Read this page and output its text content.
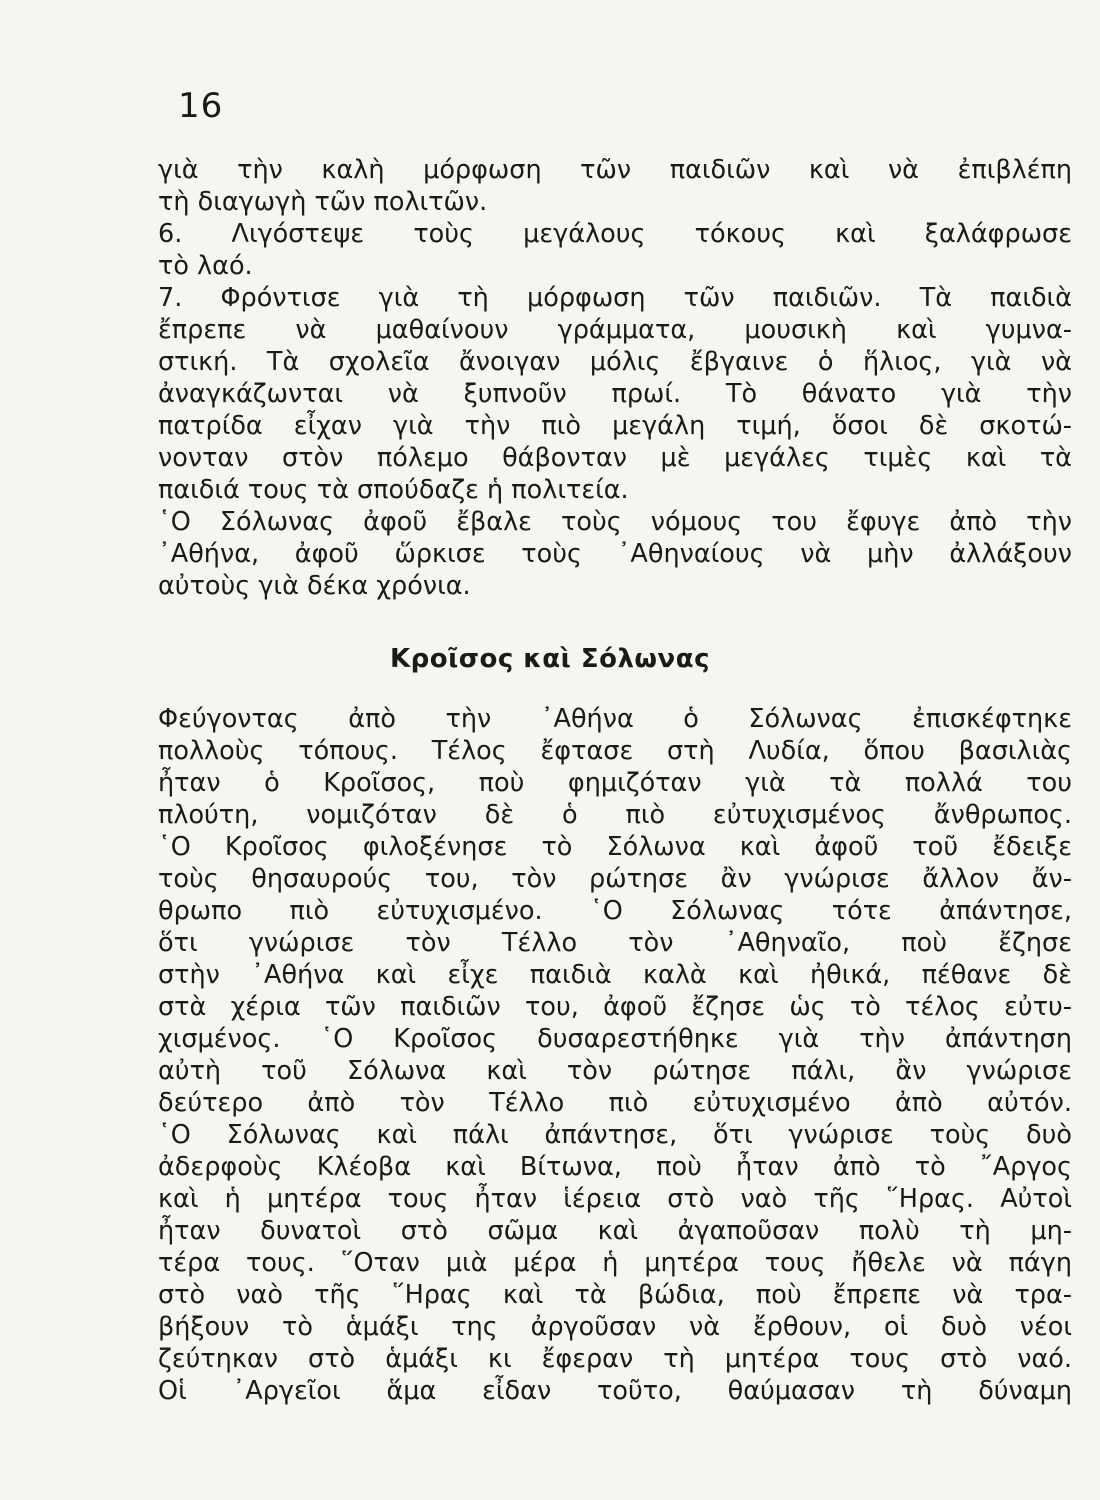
16
γιὰ τὴν καλὴ μόρφωση τῶν παιδιῶν καὶ νὰ ἐπιβλέπη
τὴ διαγωγὴ τῶν πολιτῶν.
6. Λιγόστεψε τοὺς μεγάλους τόκους καὶ ξαλάφρωσε
τὸ λαό.
7. Φρόντισε γιὰ τὴ μόρφωση τῶν παιδιῶν. Τὰ παιδιὰ
ἔπρεπε νὰ μαθαίνουν γράμματα, μουσικὴ καὶ γυμνα-
στική. Τὰ σχολεῖα ἄνοιγαν μόλις ἔβγαινε ὁ ἥλιος, γιὰ νὰ
ἀναγκάζωνται νὰ ξυπνοῦν πρωί. Τὸ θάνατο γιὰ τὴν
πατρίδα εἶχαν γιὰ τὴν πιὸ μεγάλη τιμή, ὅσοι δὲ σκοτώ-
νονταν στὸν πόλεμο θάβονταν μὲ μεγάλες τιμὲς καὶ τὰ
παιδιά τους τὰ σπούδαζε ἡ πολιτεία.
῾Ο Σόλωνας ἀφοῦ ἔβαλε τοὺς νόμους του ἔφυγε ἀπὸ τὴν
᾿Αθήνα, ἀφοῦ ὥρκισε τοὺς ᾿Αθηναίους νὰ μὴν ἀλλάξουν
αὐτοὺς γιὰ δέκα χρόνια.
Κροῖσος καὶ Σόλωνας
Φεύγοντας ἀπὸ τὴν ᾿Αθήνα ὁ Σόλωνας ἐπισκέφτηκε
πολλοὺς τόπους. Τέλος ἔφτασε στὴ Λυδία, ὅπου βασιλιὰς
ἦταν ὁ Κροῖσος, ποὺ φημιζόταν γιὰ τὰ πολλά του
πλούτη, νομιζόταν δὲ ὁ πιὸ εὐτυχισμένος ἄνθρωπος.
῾Ο Κροῖσος φιλοξένησε τὸ Σόλωνα καὶ ἀφοῦ τοῦ ἔδειξε
τοὺς θησαυρούς του, τὸν ρώτησε ἂν γνώρισε ἄλλον ἄν-
θρωπο πιὸ εὐτυχισμένο. ῾Ο Σόλωνας τότε ἀπάντησε,
ὅτι γνώρισε τὸν Τέλλο τὸν ᾿Αθηναῖο, ποὺ ἔζησε
στὴν ᾿Αθήνα καὶ εἶχε παιδιὰ καλὰ καὶ ἠθικά, πέθανε δὲ
στὰ χέρια τῶν παιδιῶν του, ἀφοῦ ἔζησε ὡς τὸ τέλος εὐτυ-
χισμένος. ῾Ο Κροῖσος δυσαρεστήθηκε γιὰ τὴν ἀπάντηση
αὐτὴ τοῦ Σόλωνα καὶ τὸν ρώτησε πάλι, ἂν γνώρισε
δεύτερο ἀπὸ τὸν Τέλλο πιὸ εὐτυχισμένο ἀπὸ αὐτόν.
῾Ο Σόλωνας καὶ πάλι ἀπάντησε, ὅτι γνώρισε τοὺς δυὸ
ἀδερφοὺς Κλέοβα καὶ Βίτωνα, ποὺ ἦταν ἀπὸ τὸ ῎Αργος
καὶ ἡ μητέρα τους ἦταν ἱέρεια στὸ ναὸ τῆς ῞Ηρας. Αὐτοὶ
ἦταν δυνατοὶ στὸ σῶμα καὶ ἀγαποῦσαν πολὺ τὴ μη-
τέρα τους. ῞Οταν μιὰ μέρα ἡ μητέρα τους ἤθελε νὰ πάγη
στὸ ναὸ τῆς ῞Ηρας καὶ τὰ βώδια, ποὺ ἔπρεπε νὰ τρα-
βήξουν τὸ ἁμάξι της ἀργοῦσαν νὰ ἔρθουν, οἱ δυὸ νέοι
ζεύτηκαν στὸ ἁμάξι κι ἔφεραν τὴ μητέρα τους στὸ ναό.
Οἱ ᾿Αργεῖοι ἅμα εἶδαν τοῦτο, θαύμασαν τὴ δύναμη
